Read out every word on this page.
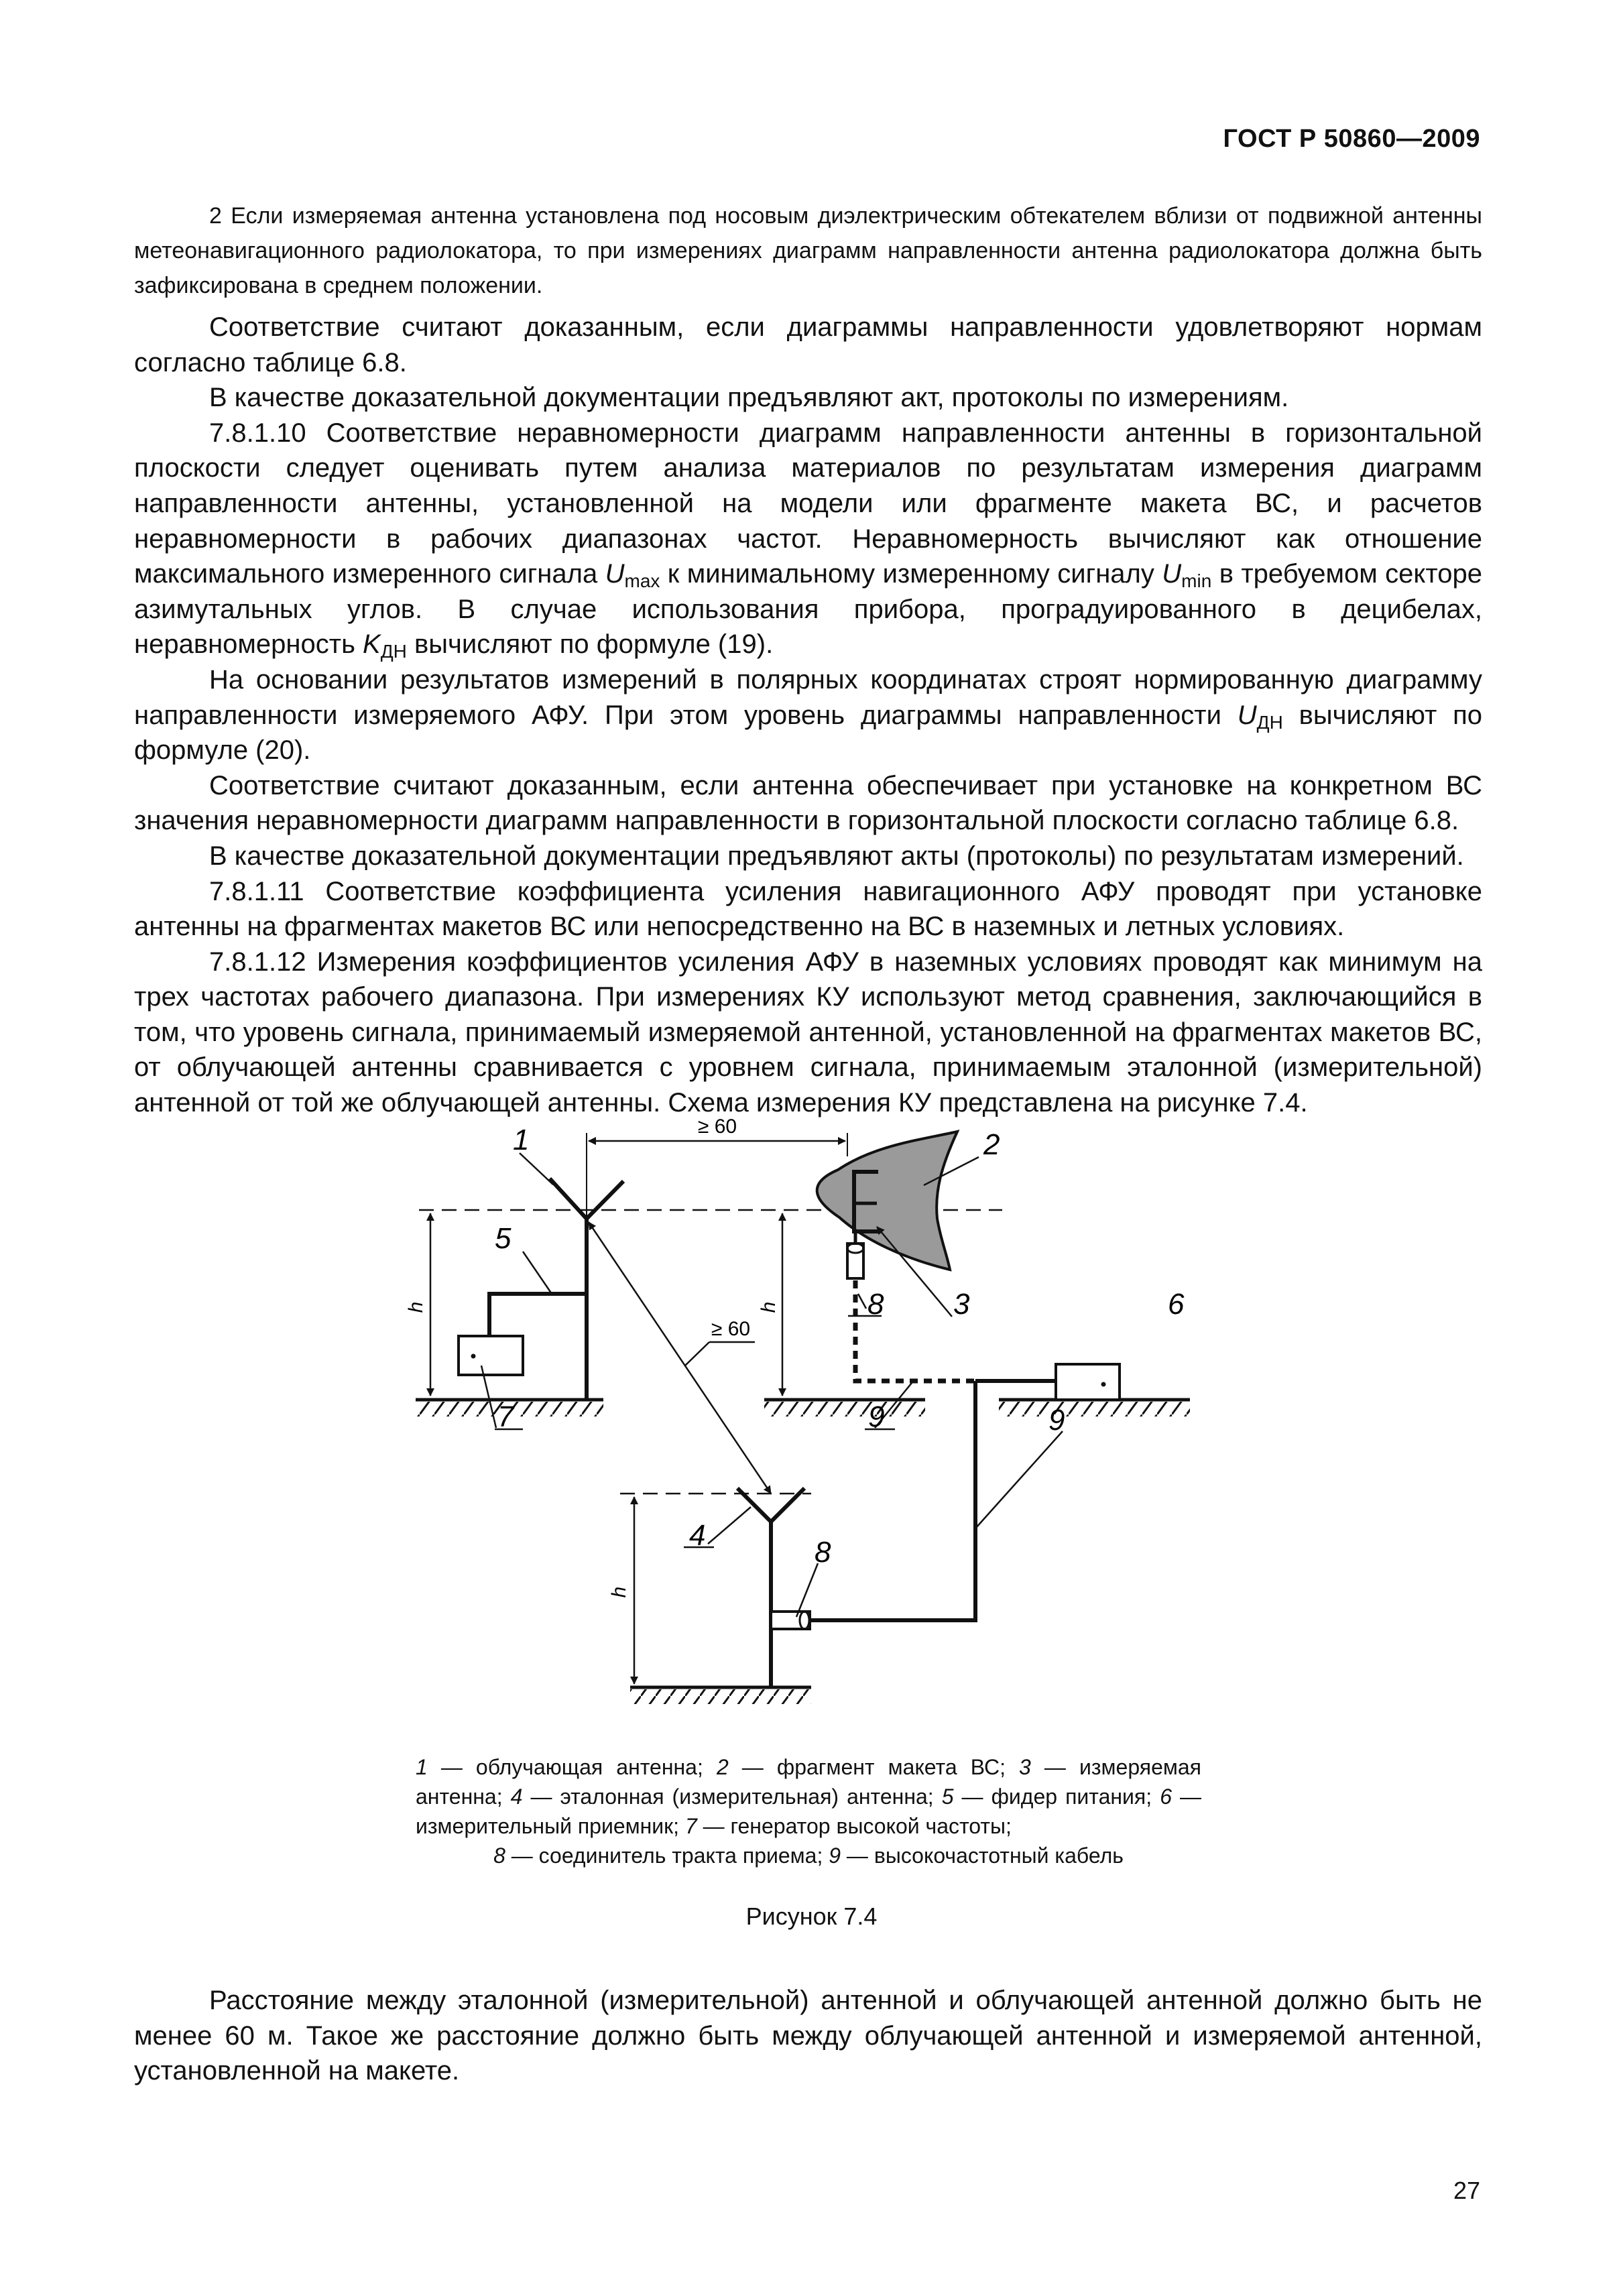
ГОСТ Р 50860—2009

2 Если измеряемая антенна установлена под носовым диэлектрическим обтекателем вблизи от подвижной антенны метеонавигационного радиолокатора, то при измерениях диаграмм направленности антенна радиолокатора должна быть зафиксирована в среднем положении.

Соответствие считают доказанным, если диаграммы направленности удовлетворяют нормам согласно таблице 6.8.

В качестве доказательной документации предъявляют акт, протоколы по измерениям.

7.8.1.10 Соответствие неравномерности диаграмм направленности антенны в горизонтальной плоскости следует оценивать путем анализа материалов по результатам измерения диаграмм направленности антенны, установленной на модели или фрагменте макета ВС, и расчетов неравномерности в рабочих диапазонах частот. Неравномерность вычисляют как отношение максимального измеренного сигнала $U_{max}$ к минимальному измеренному сигналу $U_{min}$ в требуемом секторе азимутальных углов. В случае использования прибора, проградуированного в децибелах, неравномерность $K_{ДН}$ вычисляют по формуле (19).

На основании результатов измерений в полярных координатах строят нормированную диаграмму направленности измеряемого АФУ. При этом уровень диаграммы направленности $U_{ДН}$ вычисляют по формуле (20).

Соответствие считают доказанным, если антенна обеспечивает при установке на конкретном ВС значения неравномерности диаграмм направленности в горизонтальной плоскости согласно таблице 6.8.

В качестве доказательной документации предъявляют акты (протоколы) по результатам измерений.

7.8.1.11 Соответствие коэффициента усиления навигационного АФУ проводят при установке антенны на фрагментах макетов ВС или непосредственно на ВС в наземных и летных условиях.

7.8.1.12 Измерения коэффициентов усиления АФУ в наземных условиях проводят как минимум на трех частотах рабочего диапазона. При измерениях КУ используют метод сравнения, заключающийся в том, что уровень сигнала, принимаемый измеряемой антенной, установленной на фрагментах макетов ВС, от облучающей антенны сравнивается с уровнем сигнала, принимаемым эталонной (измерительной) антенной от той же облучающей антенны. Схема измерения КУ представлена на рисунке 7.4.

h	h
h
≥ 60
≥ 60
1	2
3
4
5
6
7
8
8
9	9
1 — облучающая антенна; 2 — фрагмент макета ВС; 3 — измеряемая антенна; 4 — эталонная (измерительная) антенна; 5 — фидер питания; 6 — измерительный приемник; 7 — генератор высокой частоты;
8 — соединитель тракта приема; 9 — высокочастотный кабель
Рисунок 7.4

Расстояние между эталонной (измерительной) антенной и облучающей антенной должно быть не менее 60 м. Такое же расстояние должно быть между облучающей антенной и измеряемой антенной, установленной на макете.

27
